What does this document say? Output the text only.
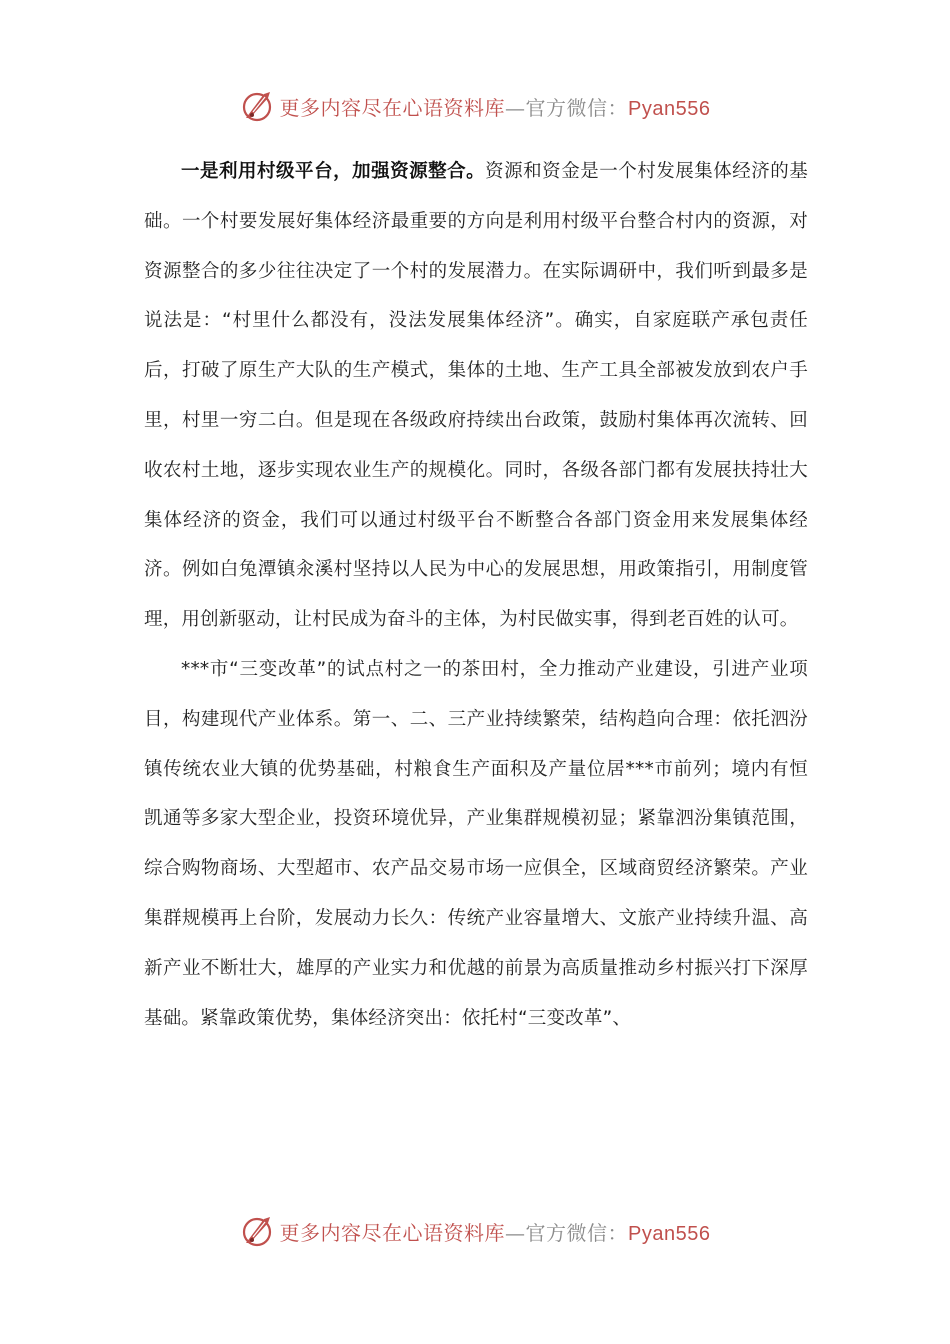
更多内容尽在心语资料库—官方微信：Pyan556

一是利用村级平台，加强资源整合。资源和资金是一个村发展集体经济的基础。一个村要发展好集体经济最重要的方向是利用村级平台整合村内的资源，对资源整合的多少往往决定了一个村的发展潜力。在实际调研中，我们听到最多是说法是：“村里什么都没有，没法发展集体经济”。确实，自家庭联产承包责任后，打破了原生产大队的生产模式，集体的土地、生产工具全部被发放到农户手里，村里一穷二白。但是现在各级政府持续出台政策，鼓励村集体再次流转、回收农村土地，逐步实现农业生产的规模化。同时，各级各部门都有发展扶持壮大集体经济的资金，我们可以通过村级平台不断整合各部门资金用来发展集体经济。例如白兔潭镇汆溪村坚持以人民为中心的发展思想，用政策指引，用制度管理，用创新驱动，让村民成为奋斗的主体，为村民做实事，得到老百姓的认可。

***市“三变改革”的试点村之一的茶田村，全力推动产业建设，引进产业项目，构建现代产业体系。第一、二、三产业持续繁荣，结构趋向合理：依托泗汾镇传统农业大镇的优势基础，村粮食生产面积及产量位居***市前列；境内有恒凯通等多家大型企业，投资环境优异，产业集群规模初显；紧靠泗汾集镇范围，综合购物商场、大型超市、农产品交易市场一应俱全，区域商贸经济繁荣。产业集群规模再上台阶，发展动力长久：传统产业容量增大、文旅产业持续升温、高新产业不断壮大，雄厚的产业实力和优越的前景为高质量推动乡村振兴打下深厚基础。紧靠政策优势，集体经济突出：依托村“三变改革”、

更多内容尽在心语资料库—官方微信：Pyan556
